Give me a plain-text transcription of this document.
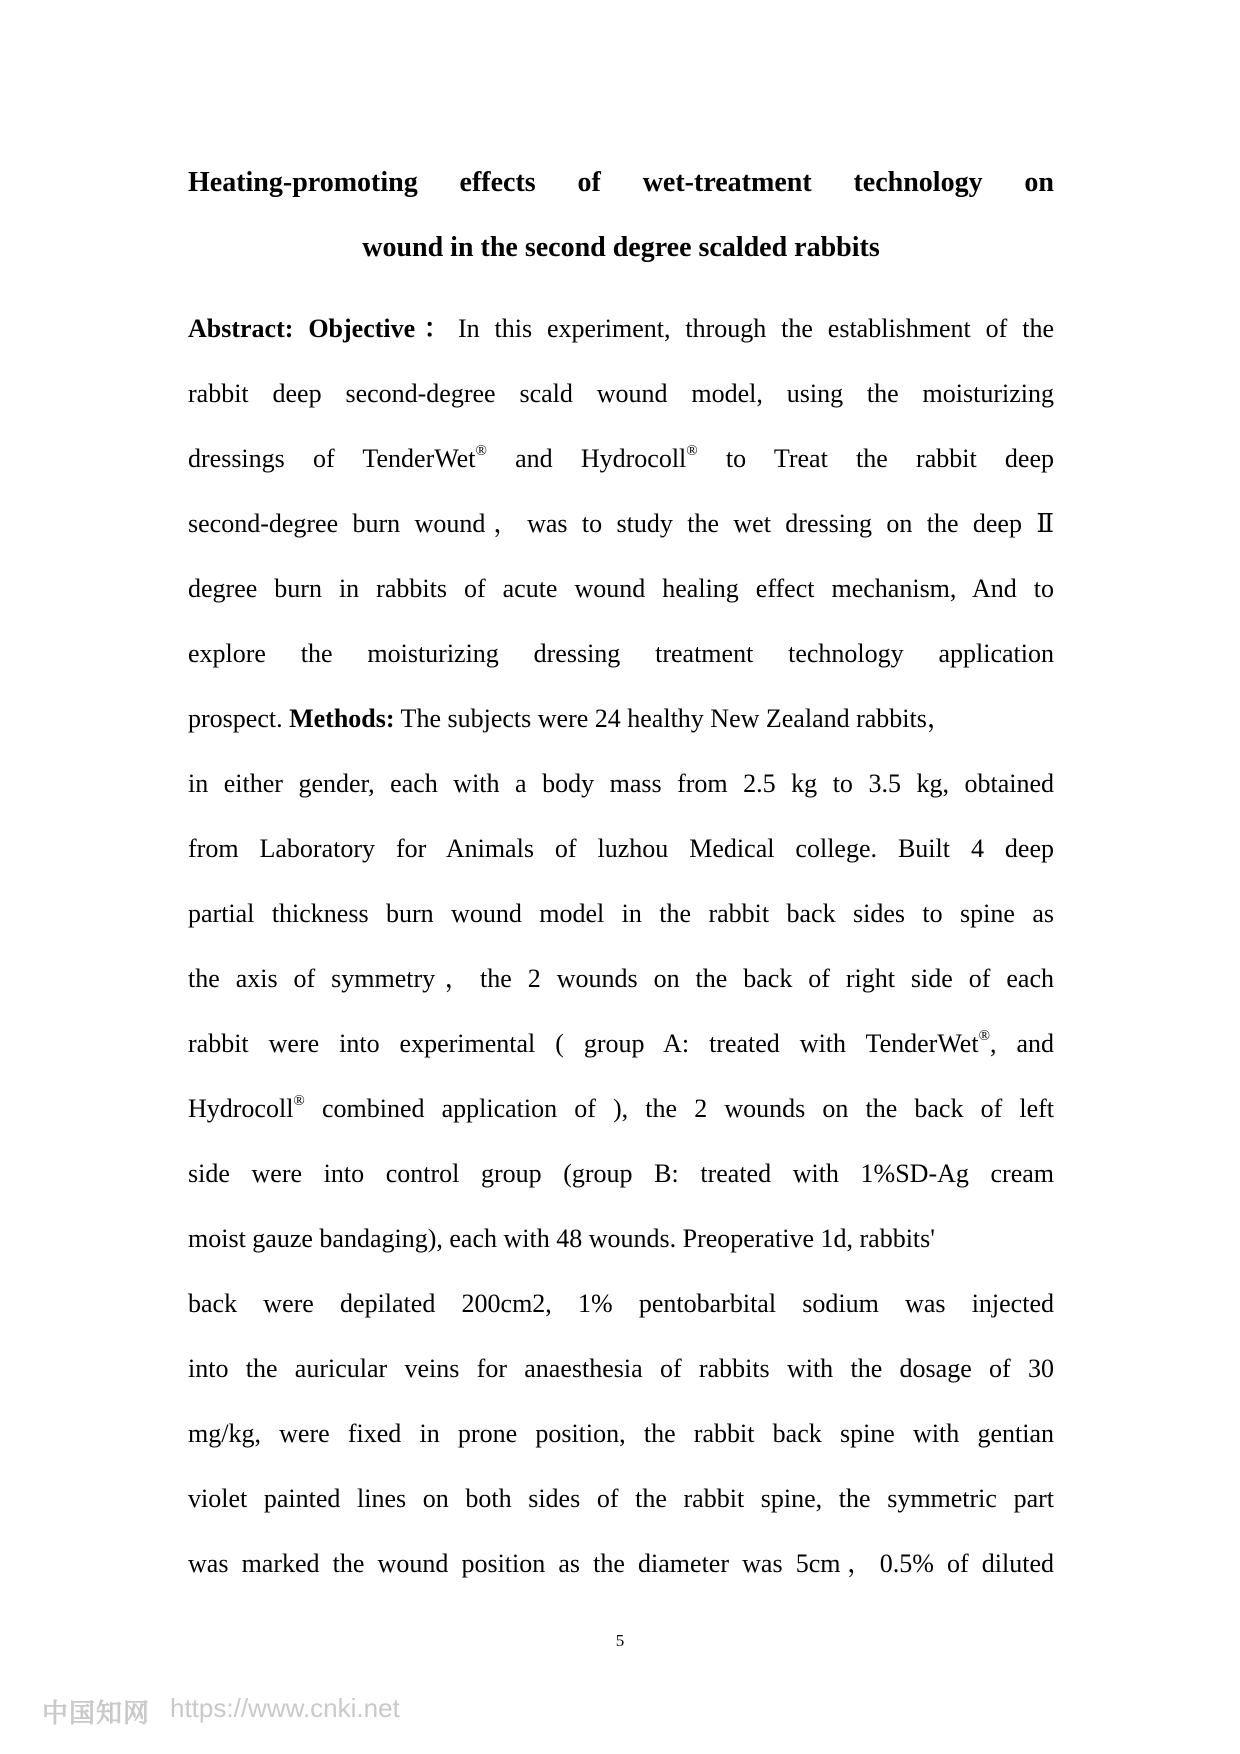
Heating-promoting effects of wet-treatment technology on
wound in the second degree scalded rabbits
Abstract: Objective：In this experiment, through the establishment of the
rabbit deep second-degree scald wound model, using the moisturizing
dressings of TenderWet® and Hydrocoll® to Treat the rabbit deep
second-degree burn wound，was to study the wet dressing on the deep Ⅱ
degree burn in rabbits of acute wound healing effect mechanism, And to
explore the moisturizing dressing treatment technology application
prospect. Methods: The subjects were 24 healthy New Zealand rabbits，
in either gender, each with a body mass from 2.5 kg to 3.5 kg, obtained
from Laboratory for Animals of luzhou Medical college. Built 4 deep
partial thickness burn wound model in the rabbit back sides to spine as
the axis of symmetry，the 2 wounds on the back of right side of each
rabbit were into experimental ( group A: treated with TenderWet®, and
Hydrocoll® combined application of ), the 2 wounds on the back of left
side were into control group (group B: treated with 1%SD-Ag cream
moist gauze bandaging), each with 48 wounds. Preoperative 1d, rabbits'
back were depilated 200cm2, 1% pentobarbital sodium was injected
into the auricular veins for anaesthesia of rabbits with the dosage of 30
mg/kg, were fixed in prone position, the rabbit back spine with gentian
violet painted lines on both sides of the rabbit spine, the symmetric part
was marked the wound position as the diameter was 5cm，0.5% of diluted
5
中国知网 https://www.cnki.net
